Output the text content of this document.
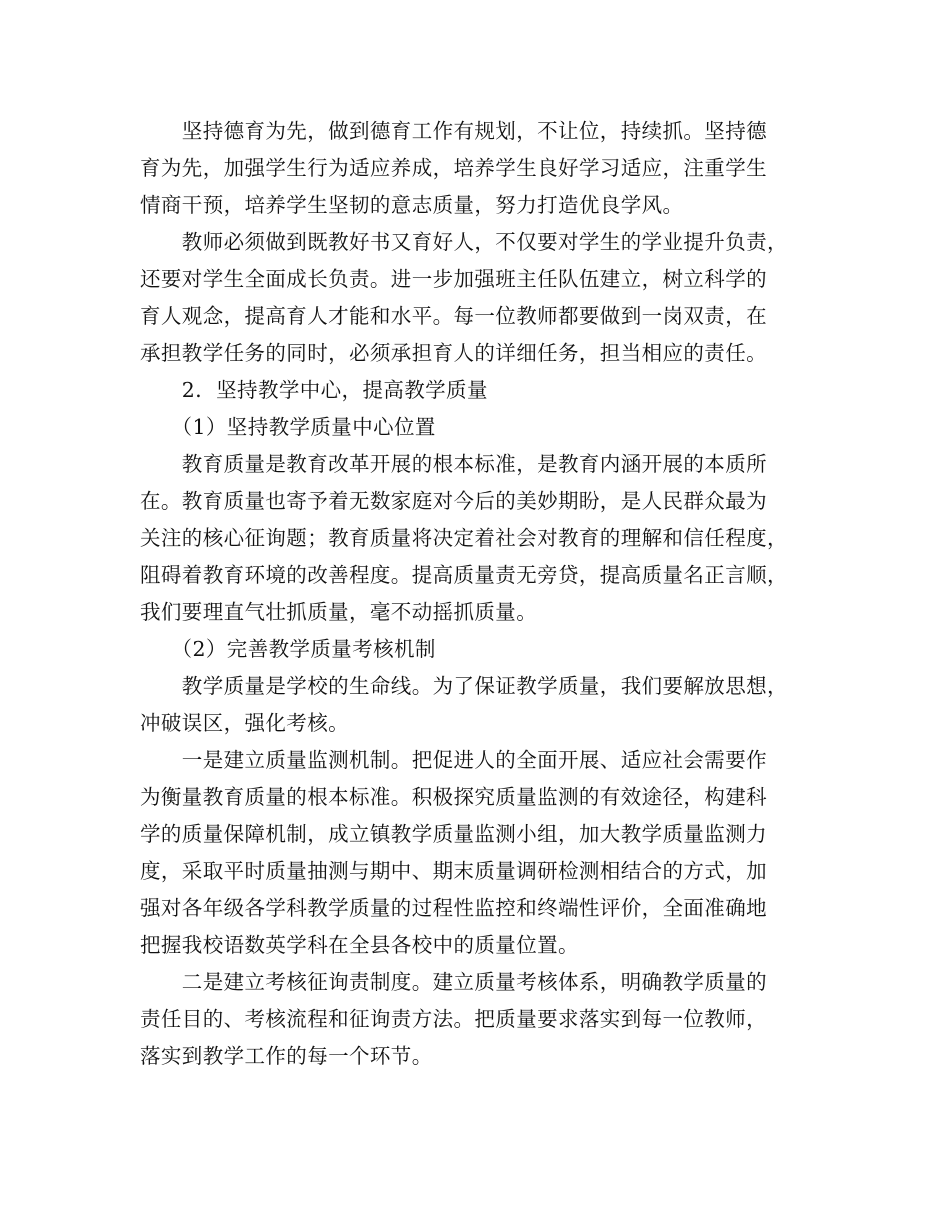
　　坚持德育为先，做到德育工作有规划，不让位，持续抓。坚持德
育为先，加强学生行为适应养成，培养学生良好学习适应，注重学生
情商干预，培养学生坚韧的意志质量，努力打造优良学风。

　　教师必须做到既教好书又育好人，不仅要对学生的学业提升负责，
还要对学生全面成长负责。进一步加强班主任队伍建立，树立科学的
育人观念，提高育人才能和水平。每一位教师都要做到一岗双责，在
承担教学任务的同时，必须承担育人的详细任务，担当相应的责任。

　　2．坚持教学中心，提高教学质量

　　（1）坚持教学质量中心位置

　　教育质量是教育改革开展的根本标准，是教育内涵开展的本质所
在。教育质量也寄予着无数家庭对今后的美妙期盼，是人民群众最为
关注的核心征询题；教育质量将决定着社会对教育的理解和信任程度，
阻碍着教育环境的改善程度。提高质量责无旁贷，提高质量名正言顺，
我们要理直气壮抓质量，毫不动摇抓质量。

　　（2）完善教学质量考核机制

　　教学质量是学校的生命线。为了保证教学质量，我们要解放思想，
冲破误区，强化考核。

　　一是建立质量监测机制。把促进人的全面开展、适应社会需要作
为衡量教育质量的根本标准。积极探究质量监测的有效途径，构建科
学的质量保障机制，成立镇教学质量监测小组，加大教学质量监测力
度，采取平时质量抽测与期中、期末质量调研检测相结合的方式，加
强对各年级各学科教学质量的过程性监控和终端性评价，全面准确地
把握我校语数英学科在全县各校中的质量位置。

　　二是建立考核征询责制度。建立质量考核体系，明确教学质量的
责任目的、考核流程和征询责方法。把质量要求落实到每一位教师，
落实到教学工作的每一个环节。
